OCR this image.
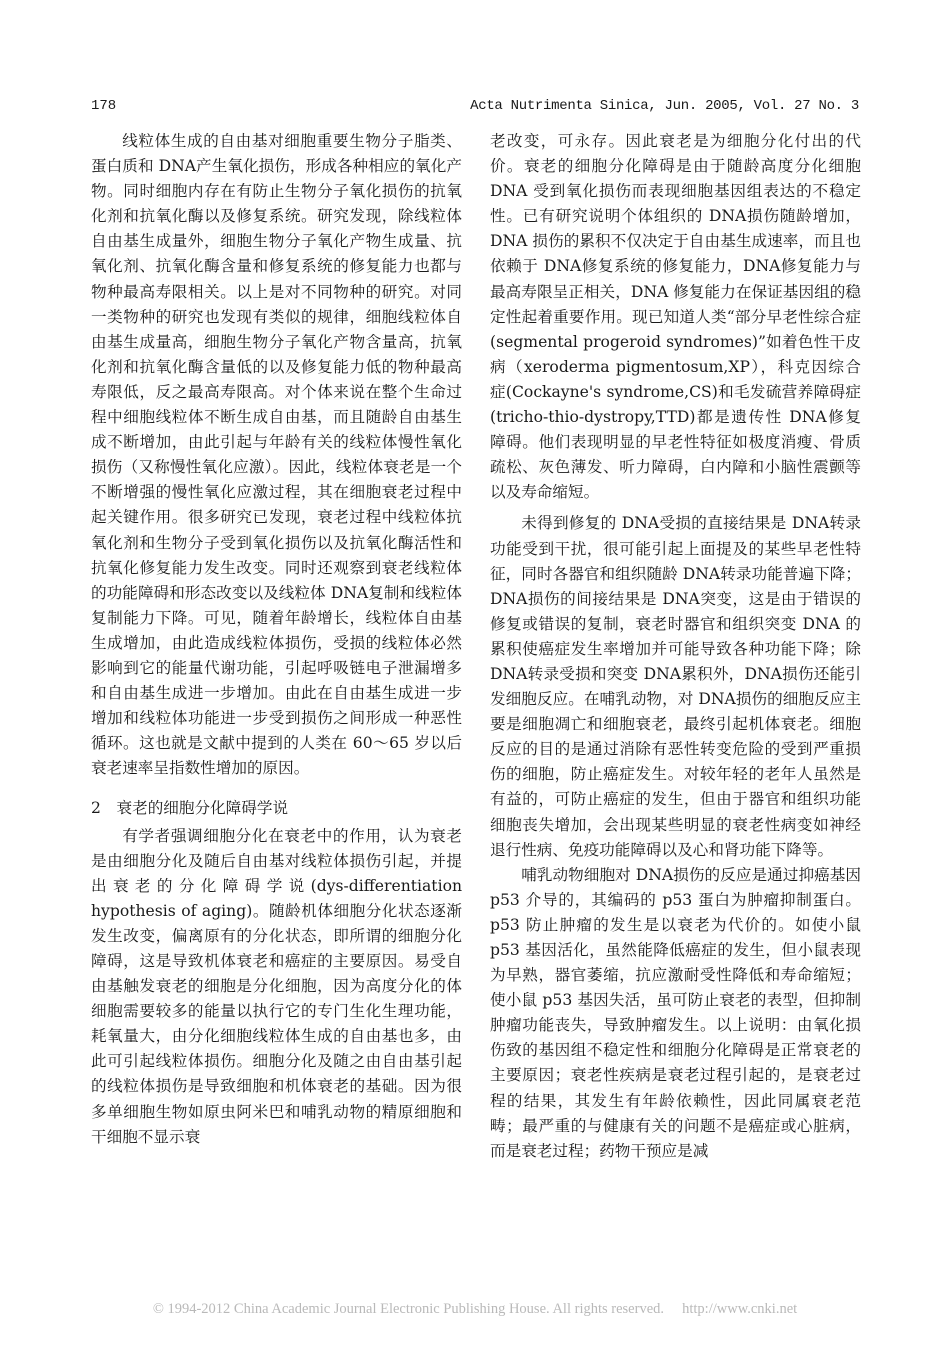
178	Acta Nutrimenta Sinica, Jun. 2005, Vol. 27 No. 3

线粒体生成的自由基对细胞重要生物分子脂类、蛋白质和 DNA产生氧化损伤，形成各种相应的氧化产物。同时细胞内存在有防止生物分子氧化损伤的抗氧化剂和抗氧化酶以及修复系统。研究发现，除线粒体自由基生成量外，细胞生物分子氧化产物生成量、抗氧化剂、抗氧化酶含量和修复系统的修复能力也都与物种最高寿限相关。以上是对不同物种的研究。对同一类物种的研究也发现有类似的规律，细胞线粒体自由基生成量高，细胞生物分子氧化产物含量高，抗氧化剂和抗氧化酶含量低的以及修复能力低的物种最高寿限低，反之最高寿限高。对个体来说在整个生命过程中细胞线粒体不断生成自由基，而且随龄自由基生成不断增加，由此引起与年龄有关的线粒体慢性氧化损伤（又称慢性氧化应激）。因此，线粒体衰老是一个不断增强的慢性氧化应激过程，其在细胞衰老过程中起关键作用。很多研究已发现，衰老过程中线粒体抗氧化剂和生物分子受到氧化损伤以及抗氧化酶活性和抗氧化修复能力发生改变。同时还观察到衰老线粒体的功能障碍和形态改变以及线粒体 DNA复制和线粒体复制能力下降。可见，随着年龄增长，线粒体自由基生成增加，由此造成线粒体损伤，受损的线粒体必然影响到它的能量代谢功能，引起呼吸链电子泄漏增多和自由基生成进一步增加。由此在自由基生成进一步增加和线粒体功能进一步受到损伤之间形成一种恶性循环。这也就是文献中提到的人类在 60～65 岁以后衰老速率呈指数性增加的原因。

2　衰老的细胞分化障碍学说

有学者强调细胞分化在衰老中的作用，认为衰老是由细胞分化及随后自由基对线粒体损伤引起，并提出衰老的分化障碍学说(dys-differentiation hypothesis of aging)。随龄机体细胞分化状态逐渐发生改变，偏离原有的分化状态，即所谓的细胞分化障碍，这是导致机体衰老和癌症的主要原因。易受自由基触发衰老的细胞是分化细胞，因为高度分化的体细胞需要较多的能量以执行它的专门生化生理功能，耗氧量大，由分化细胞线粒体生成的自由基也多，由此可引起线粒体损伤。细胞分化及随之由自由基引起的线粒体损伤是导致细胞和机体衰老的基础。因为很多单细胞生物如原虫阿米巴和哺乳动物的精原细胞和干细胞不显示衰

老改变，可永存。因此衰老是为细胞分化付出的代价。衰老的细胞分化障碍是由于随龄高度分化细胞 DNA 受到氧化损伤而表现细胞基因组表达的不稳定性。已有研究说明个体组织的 DNA损伤随龄增加，DNA 损伤的累积不仅决定于自由基生成速率，而且也依赖于 DNA修复系统的修复能力，DNA修复能力与最高寿限呈正相关，DNA 修复能力在保证基因组的稳定性起着重要作用。现已知道人类“部分早老性综合症(segmental progeroid syndromes)”如着色性干皮病（xeroderma pigmentosum,XP），科克因综合症(Cockayne's syndrome,CS)和毛发硫营养障碍症(tricho-thio-dystropy,TTD)都是遗传性 DNA修复障碍。他们表现明显的早老性特征如极度消瘦、骨质疏松、灰色薄发、听力障碍，白内障和小脑性震颤等以及寿命缩短。

未得到修复的 DNA受损的直接结果是 DNA转录功能受到干扰，很可能引起上面提及的某些早老性特征，同时各器官和组织随龄 DNA转录功能普遍下降；DNA损伤的间接结果是 DNA突变，这是由于错误的修复或错误的复制，衰老时器官和组织突变 DNA 的累积使癌症发生率增加并可能导致各种功能下降；除 DNA转录受损和突变 DNA累积外，DNA损伤还能引发细胞反应。在哺乳动物，对 DNA损伤的细胞反应主要是细胞凋亡和细胞衰老，最终引起机体衰老。细胞反应的目的是通过消除有恶性转变危险的受到严重损伤的细胞，防止癌症发生。对较年轻的老年人虽然是有益的，可防止癌症的发生，但由于器官和组织功能细胞丧失增加，会出现某些明显的衰老性病变如神经退行性病、免疫功能障碍以及心和肾功能下降等。

哺乳动物细胞对 DNA损伤的反应是通过抑癌基因 p53 介导的，其编码的 p53 蛋白为肿瘤抑制蛋白。p53 防止肿瘤的发生是以衰老为代价的。如使小鼠 p53 基因活化，虽然能降低癌症的发生，但小鼠表现为早熟，器官萎缩，抗应激耐受性降低和寿命缩短；使小鼠 p53 基因失活，虽可防止衰老的表型，但抑制肿瘤功能丧失，导致肿瘤发生。以上说明：由氧化损伤致的基因组不稳定性和细胞分化障碍是正常衰老的主要原因；衰老性疾病是衰老过程引起的，是衰老过程的结果，其发生有年龄依赖性，因此同属衰老范畴；最严重的与健康有关的问题不是癌症或心脏病，而是衰老过程；药物干预应是减

© 1994-2012 China Academic Journal Electronic Publishing House. All rights reserved.　 http://www.cnki.net
